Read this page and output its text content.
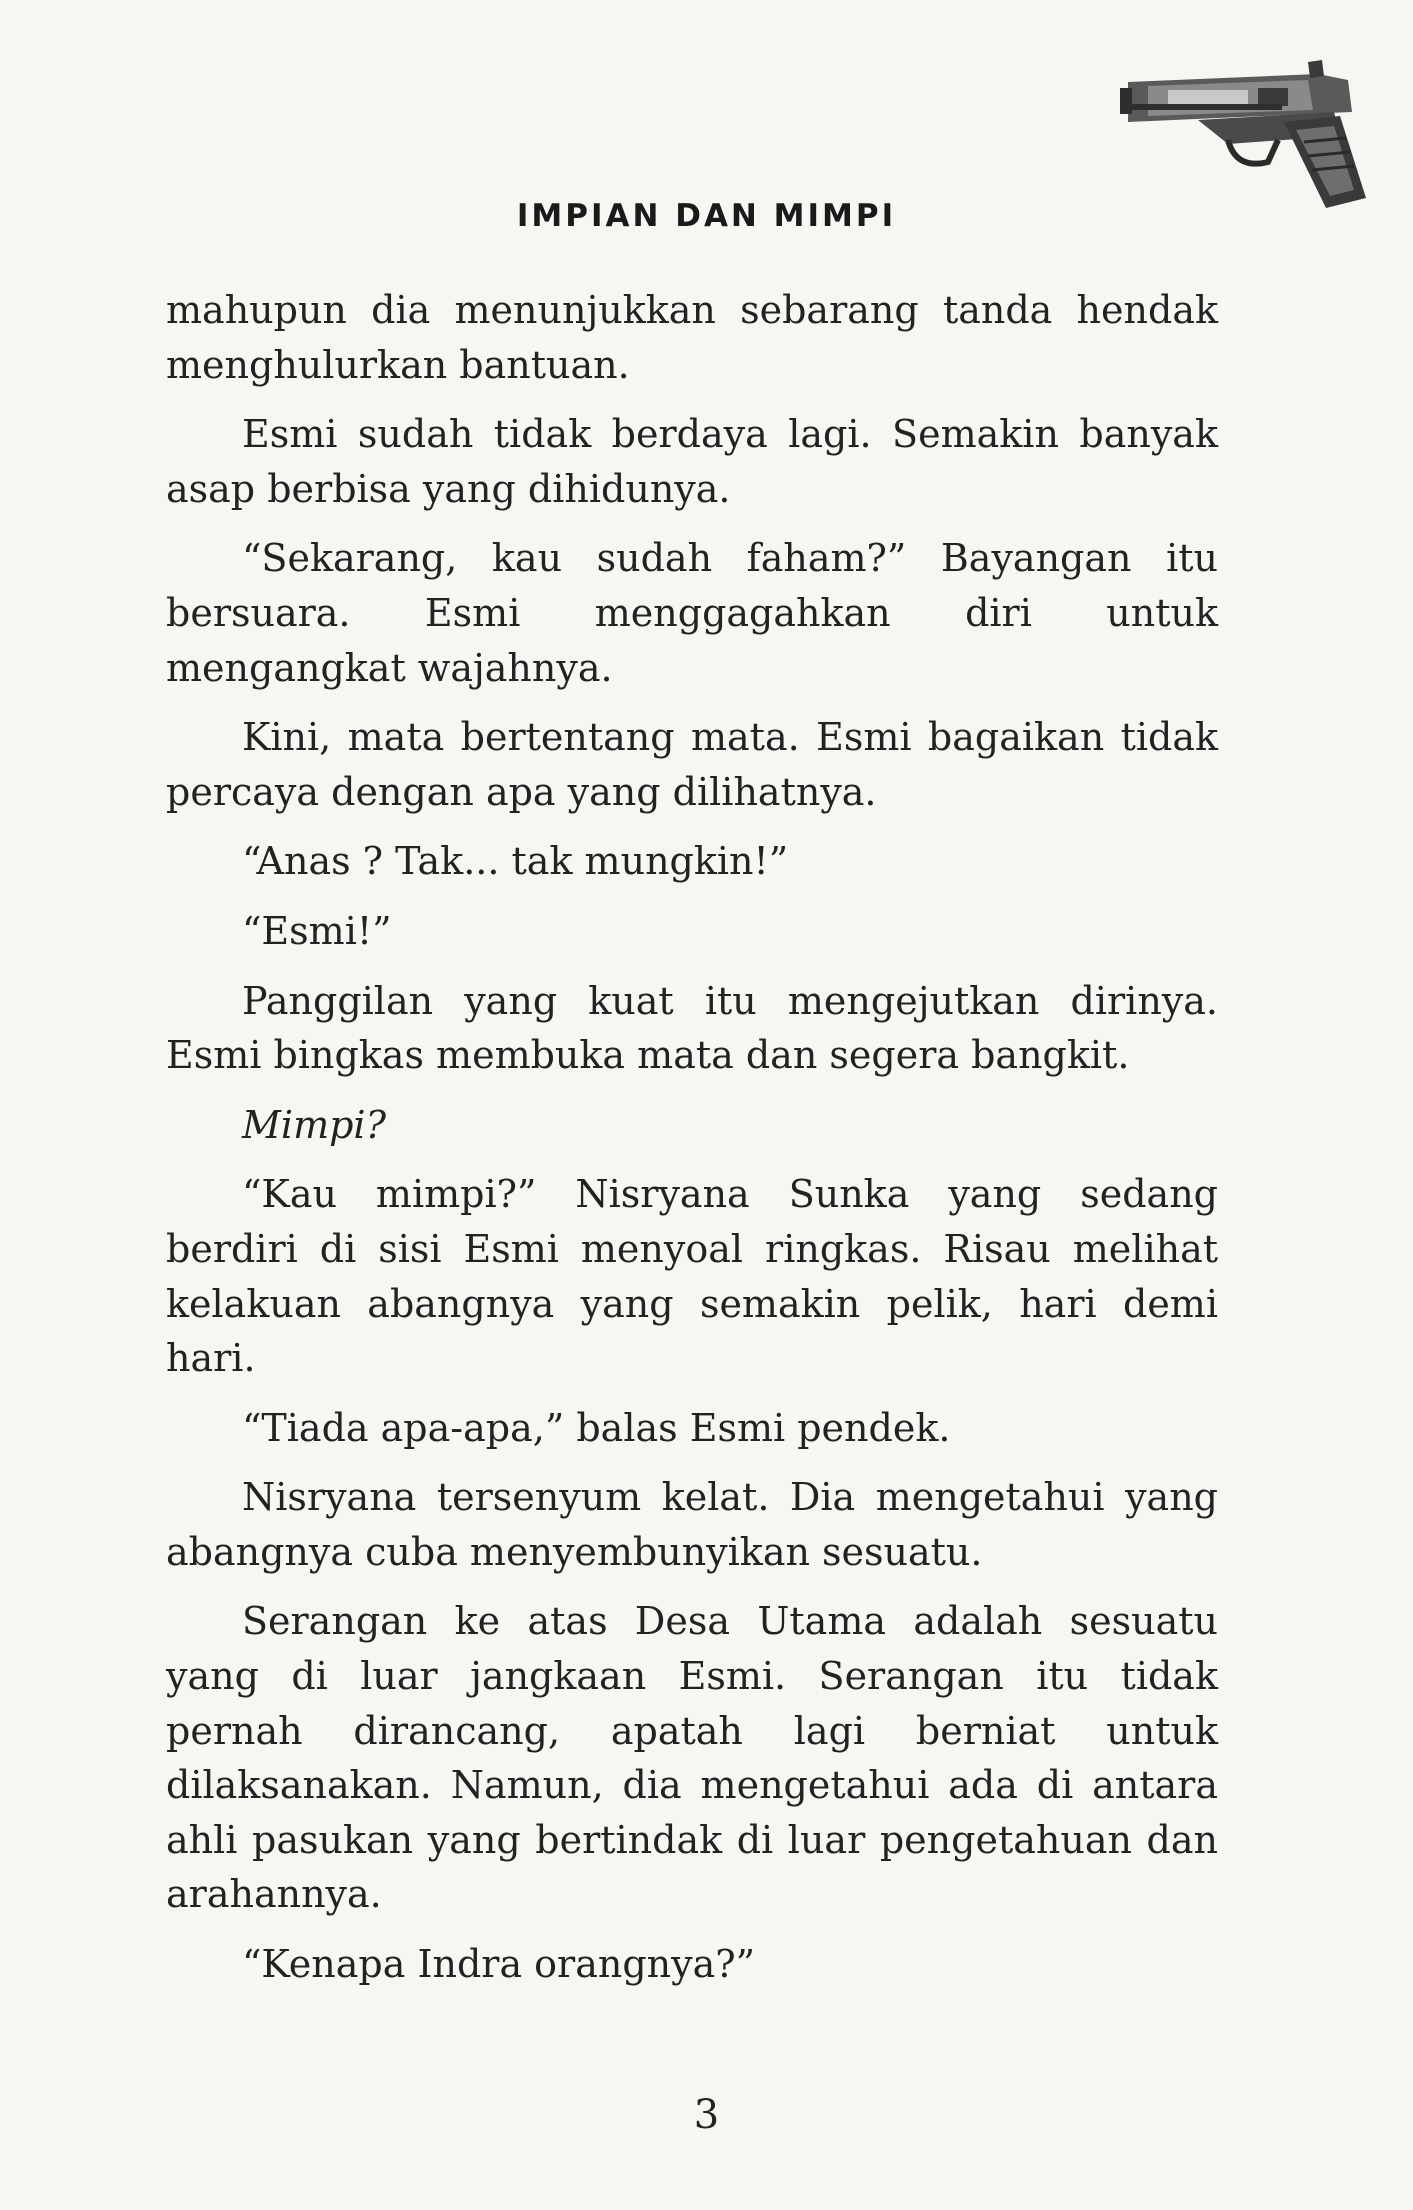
IMPIAN DAN MIMPI

mahupun dia menunjukkan sebarang tanda hendak menghulurkan bantuan.

Esmi sudah tidak berdaya lagi. Semakin banyak asap berbisa yang dihidunya.

“Sekarang, kau sudah faham?” Bayangan itu bersuara. Esmi menggagahkan diri untuk mengangkat wajahnya.

Kini, mata bertentang mata. Esmi bagaikan tidak percaya dengan apa yang dilihatnya.

“Anas ? Tak... tak mungkin!”

“Esmi!”

Panggilan yang kuat itu mengejutkan dirinya. Esmi bingkas membuka mata dan segera bangkit.

Mimpi?

“Kau mimpi?” Nisryana Sunka yang sedang berdiri di sisi Esmi menyoal ringkas. Risau melihat kelakuan abangnya yang semakin pelik, hari demi hari.

“Tiada apa-apa,” balas Esmi pendek.

Nisryana tersenyum kelat. Dia mengetahui yang abangnya cuba menyembunyikan sesuatu.

Serangan ke atas Desa Utama adalah sesuatu yang di luar jangkaan Esmi. Serangan itu tidak pernah dirancang, apatah lagi berniat untuk dilaksanakan. Namun, dia mengetahui ada di antara ahli pasukan yang bertindak di luar pengetahuan dan arahannya.

“Kenapa Indra orangnya?”

3
